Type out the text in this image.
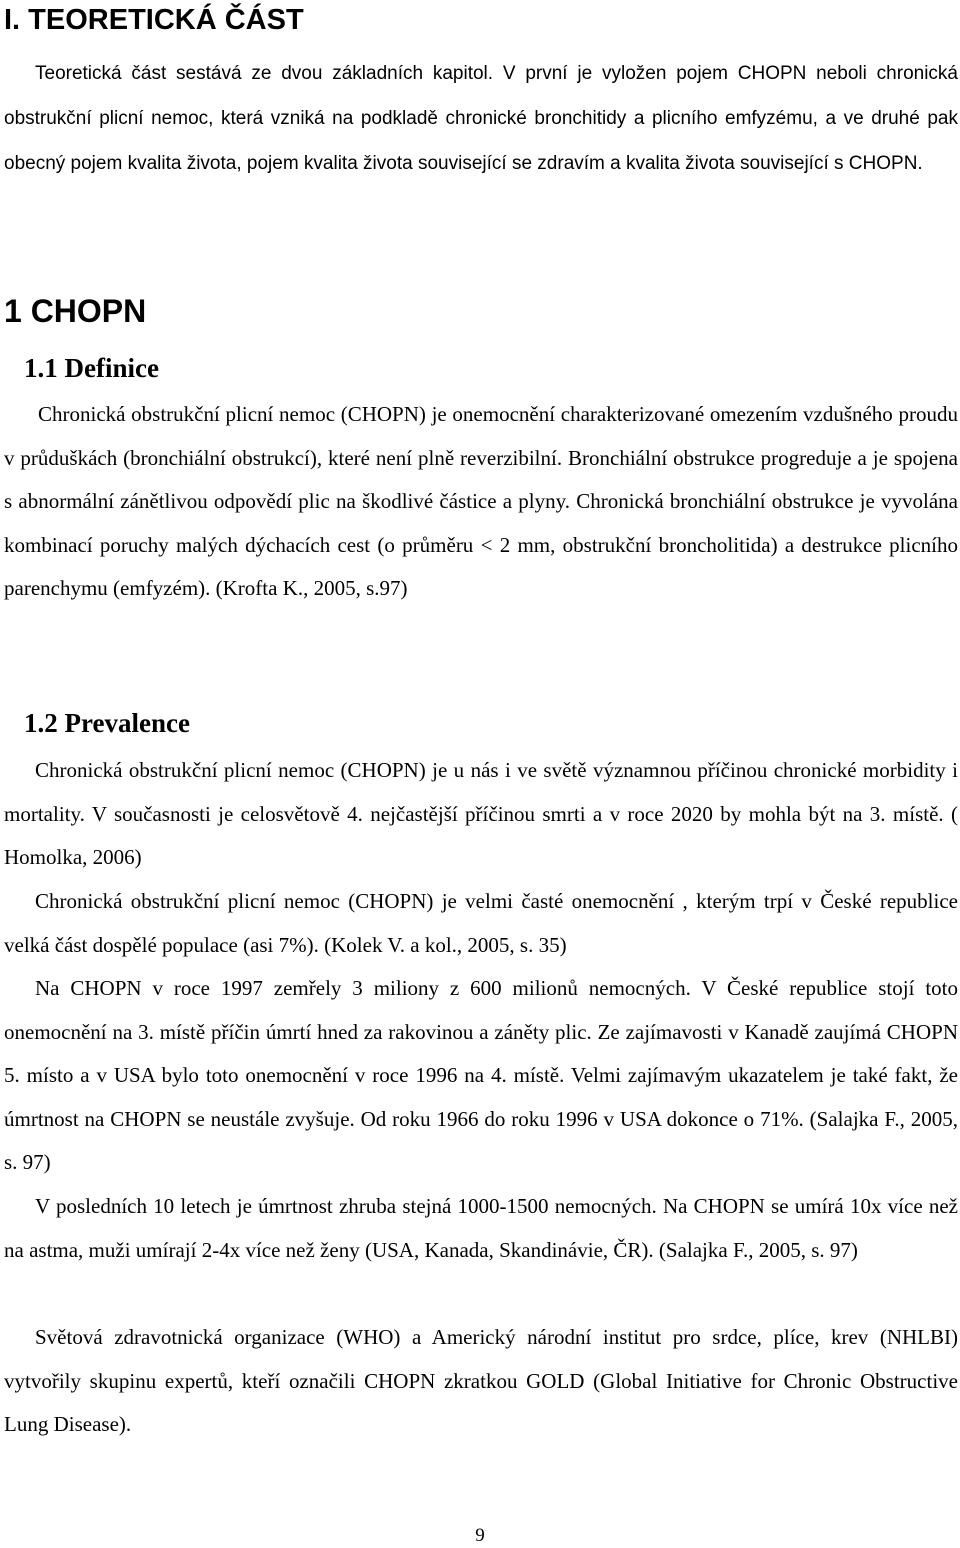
I. TEORETICKÁ ČÁST

Teoretická část sestává ze dvou základních kapitol. V první je vyložen pojem CHOPN neboli chronická obstrukční plicní nemoc, která vzniká na podkladě chronické bronchitidy a plicního emfyzému, a ve druhé pak obecný pojem kvalita života, pojem kvalita života související se zdravím a kvalita života související s CHOPN.

1 CHOPN
1.1 Definice

Chronická obstrukční plicní nemoc (CHOPN) je onemocnění charakterizované omezením vzdušného proudu v průduškách (bronchiální obstrukcí), které není plně reverzibilní. Bronchiální obstrukce progreduje a je spojena s abnormální zánětlivou odpovědí plic na škodlivé částice a plyny. Chronická bronchiální obstrukce je vyvolána kombinací poruchy malých dýchacích cest (o průměru < 2 mm, obstrukční broncholitida) a destrukce plicního parenchymu (emfyzém). (Krofta K., 2005, s.97)

1.2 Prevalence

Chronická obstrukční plicní nemoc (CHOPN) je u nás i ve světě významnou příčinou chronické morbidity i mortality. V současnosti je celosvětově 4. nejčastější příčinou smrti a v roce 2020 by mohla být na 3. místě. ( Homolka, 2006)

Chronická obstrukční plicní nemoc (CHOPN) je velmi časté onemocnění , kterým trpí v České republice velká část dospělé populace (asi 7%). (Kolek V. a kol., 2005, s. 35)

Na CHOPN v roce 1997 zemřely 3 miliony z 600 milionů nemocných. V České republice stojí toto onemocnění na 3. místě příčin úmrtí hned za rakovinou a záněty plic. Ze zajímavosti v Kanadě zaujímá CHOPN 5. místo a v USA bylo toto onemocnění v roce 1996 na 4. místě. Velmi zajímavým ukazatelem je také fakt, že úmrtnost na CHOPN se neustále zvyšuje. Od roku 1966 do roku 1996 v USA dokonce o 71%. (Salajka F., 2005, s. 97)

V posledních 10 letech je úmrtnost zhruba stejná 1000-1500 nemocných. Na CHOPN se umírá 10x více než na astma, muži umírají 2-4x více než ženy (USA, Kanada, Skandinávie, ČR). (Salajka F., 2005, s. 97)

Světová zdravotnická organizace (WHO) a Americký národní institut pro srdce, plíce, krev (NHLBI) vytvořily skupinu expertů, kteří označili CHOPN zkratkou GOLD (Global Initiative for Chronic Obstructive Lung Disease).

9
